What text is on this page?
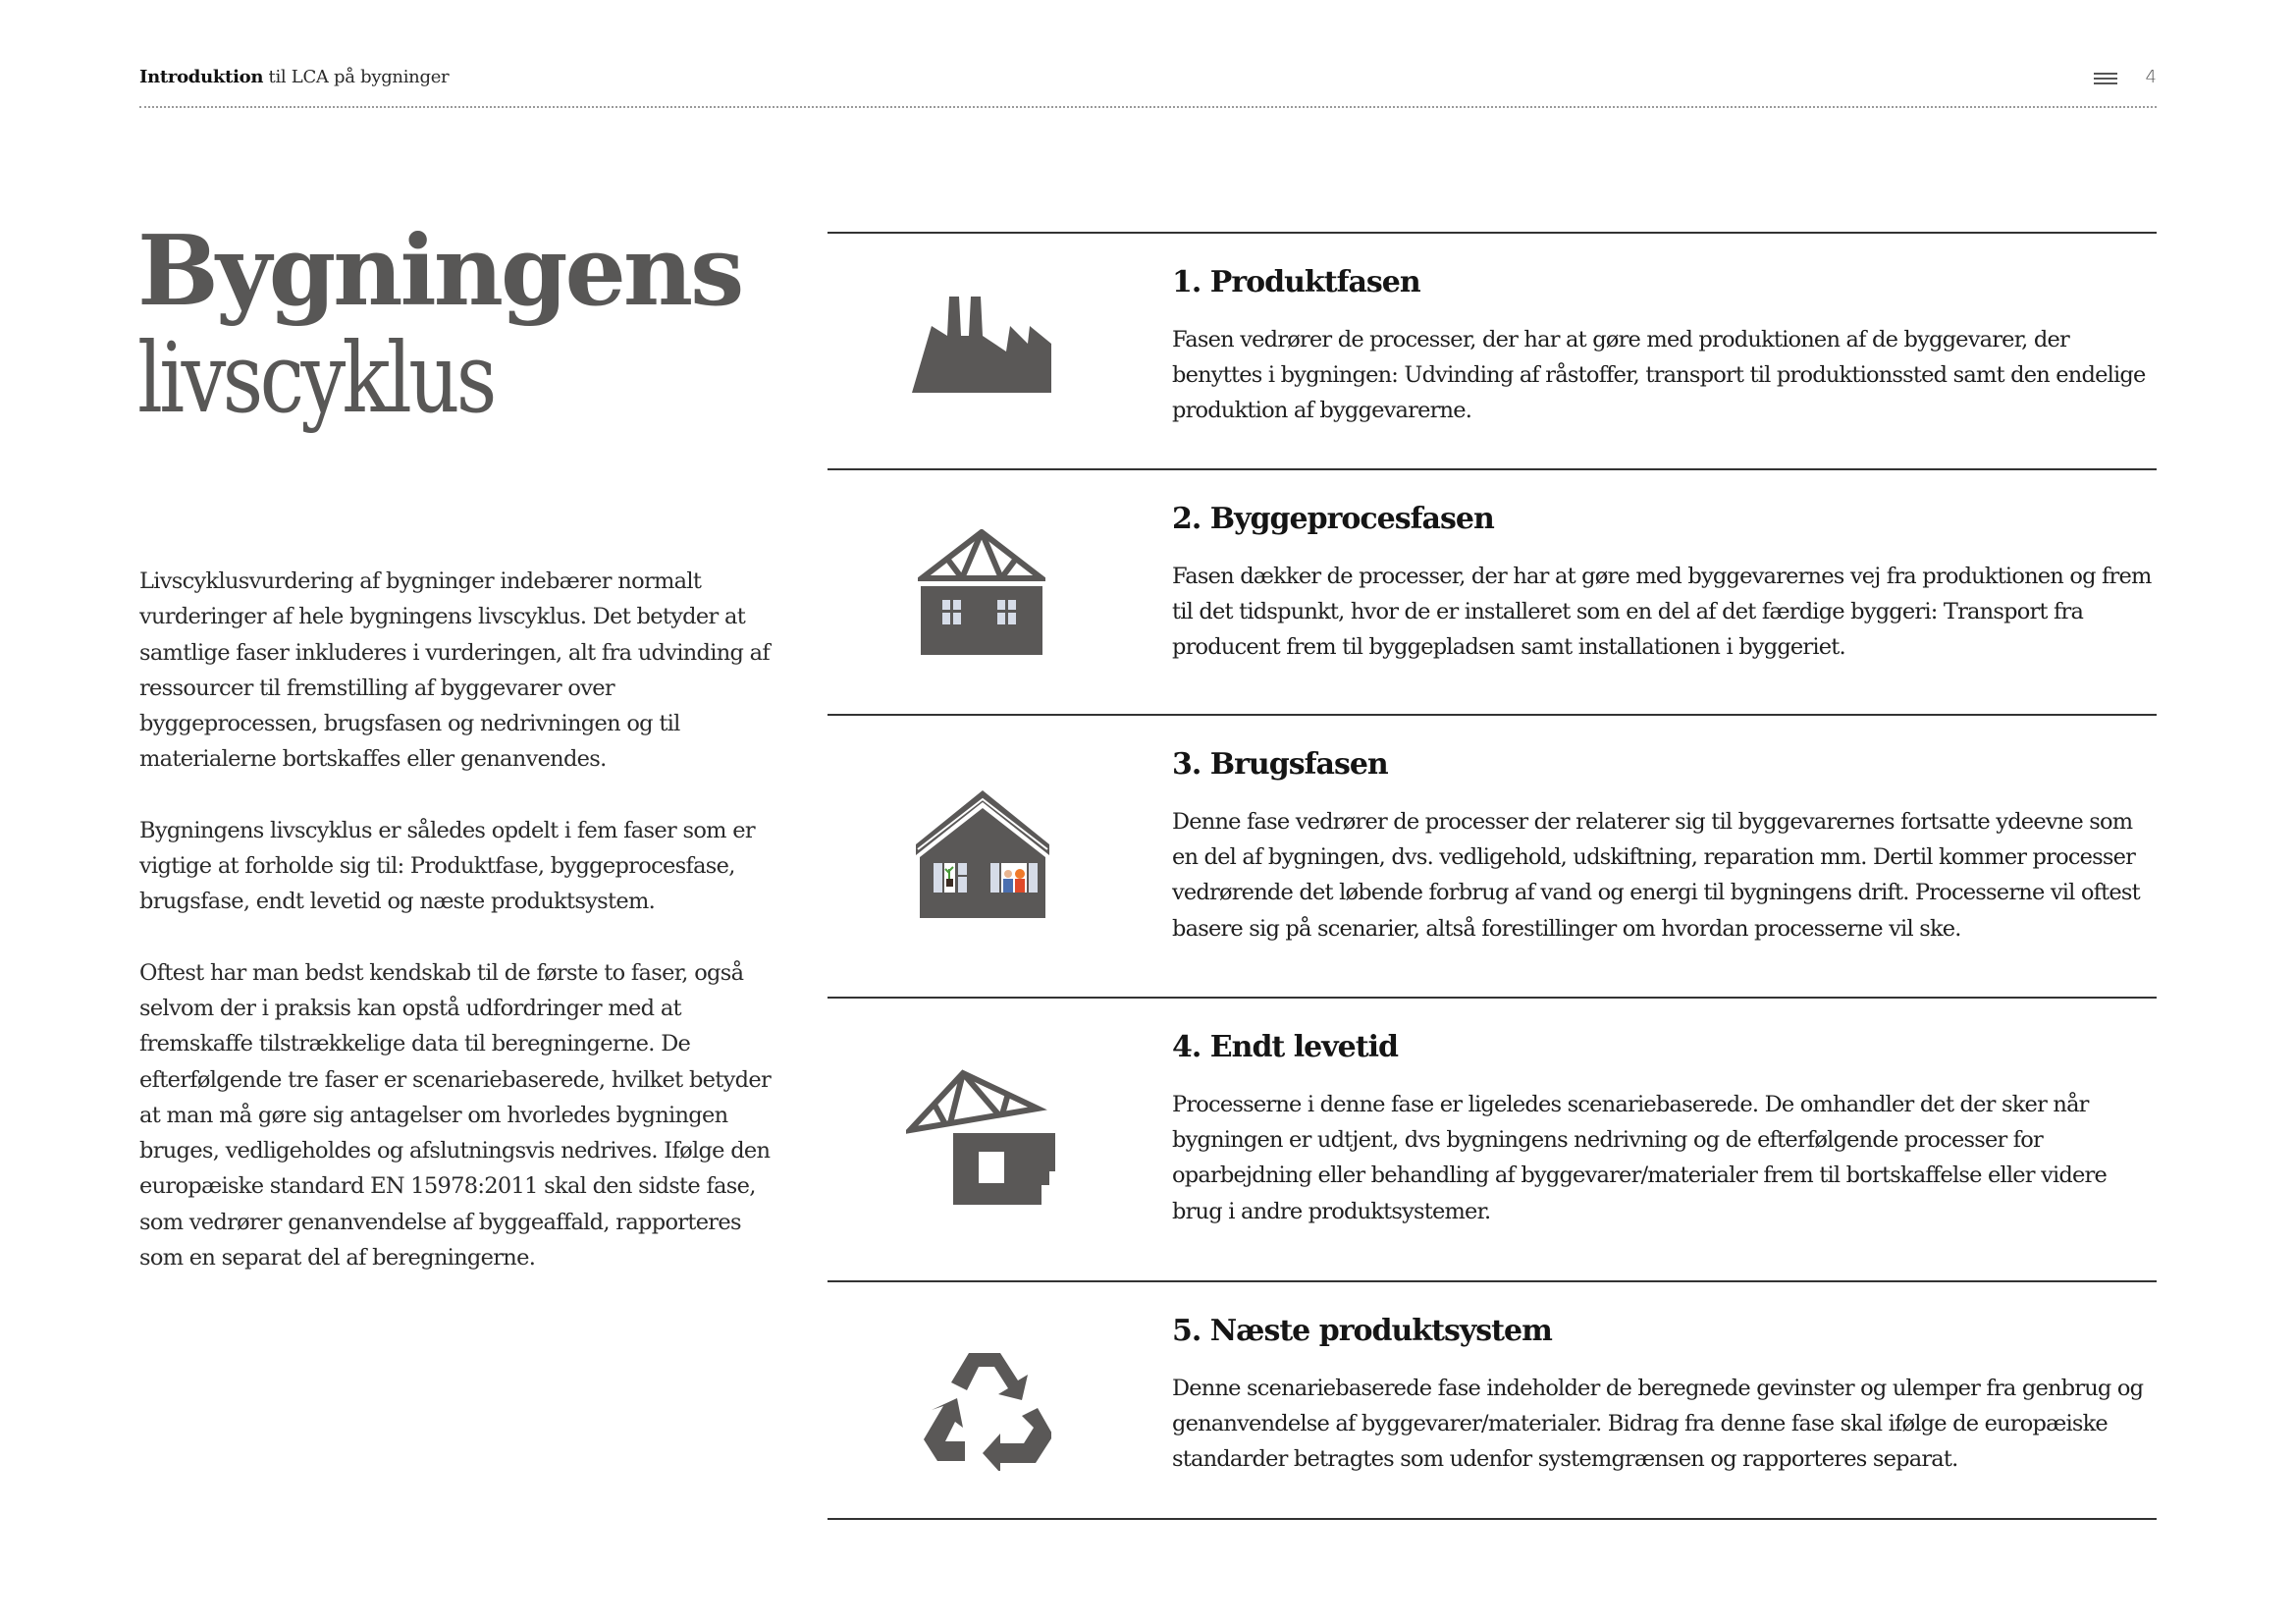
Introduktion til LCA på bygninger	4
Bygningens
livscyklus

Livscyklusvurdering af bygninger indebærer normalt vurderinger af hele bygningens livscyklus. Det betyder at samtlige faser inkluderes i vurderingen, alt fra udvinding af ressourcer til fremstilling af byggevarer over byggeprocessen, brugsfasen og nedrivningen og til materialerne bortskaffes eller genanvendes.

Bygningens livscyklus er således opdelt i fem faser som er vigtige at forholde sig til: Produktfase, byggeprocesfase, brugsfase, endt levetid og næste produktsystem.

Oftest har man bedst kendskab til de første to faser, også selvom der i praksis kan opstå udfordringer med at fremskaffe tilstrækkelige data til beregningerne. De efterfølgende tre faser er scenariebaserede, hvilket betyder at man må gøre sig antagelser om hvorledes bygningen bruges, vedligeholdes og afslutningsvis nedrives. Ifølge den europæiske standard EN 15978:2011 skal den sidste fase, som vedrører genanvendelse af byggeaffald, rapporteres som en separat del af beregningerne.

1. Produktfasen

Fasen vedrører de processer, der har at gøre med produktionen af de byggevarer, der benyttes i bygningen: Udvinding af råstoffer, transport til produktionssted samt den endelige produktion af byggevarerne.

2. Byggeprocesfasen

Fasen dækker de processer, der har at gøre med byggevarernes vej fra produktionen og frem til det tidspunkt, hvor de er installeret som en del af det færdige byggeri: Transport fra producent frem til byggepladsen samt installationen i byggeriet.

3. Brugsfasen

Denne fase vedrører de processer der relaterer sig til byggevarernes fortsatte ydeevne som en del af bygningen, dvs. vedligehold, udskiftning, reparation mm. Dertil kommer processer vedrørende det løbende forbrug af vand og energi til bygningens drift. Processerne vil oftest basere sig på scenarier, altså forestillinger om hvordan processerne vil ske.

4. Endt levetid

Processerne i denne fase er ligeledes scenariebaserede. De omhandler det der sker når bygningen er udtjent, dvs bygningens nedrivning og de efterfølgende processer for oparbejdning eller behandling af byggevarer/materialer frem til bortskaffelse eller videre brug i andre produktsystemer.

5. Næste produktsystem

Denne scenariebaserede fase indeholder de beregnede gevinster og ulemper fra genbrug og genanvendelse af byggevarer/materialer. Bidrag fra denne fase skal ifølge de europæiske standarder betragtes som udenfor systemgrænsen og rapporteres separat.
